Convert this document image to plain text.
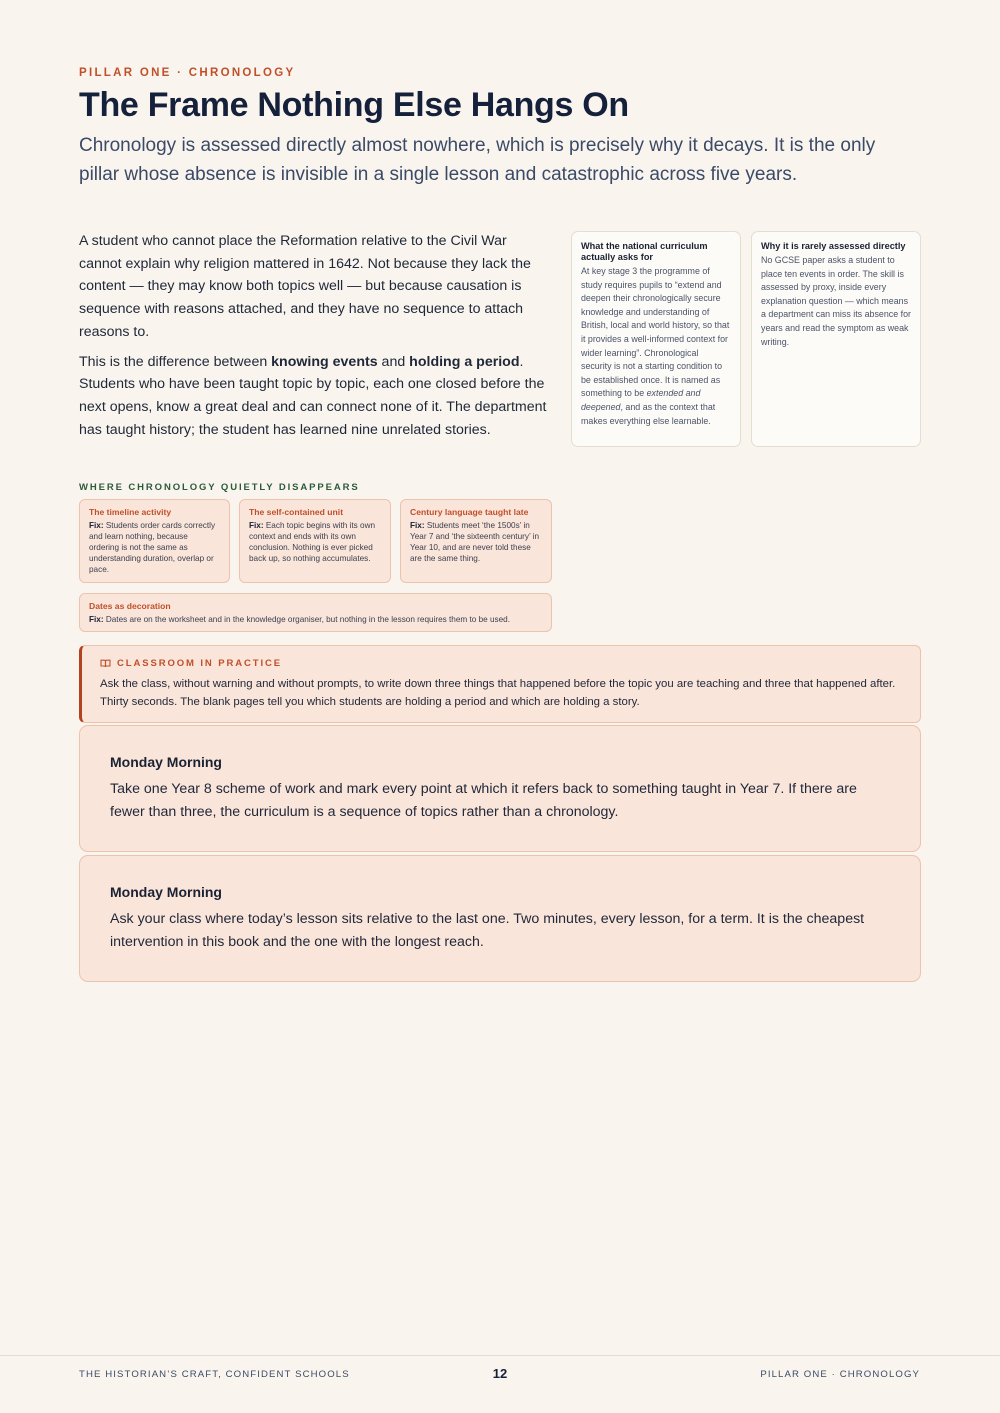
PILLAR ONE · CHRONOLOGY
The Frame Nothing Else Hangs On

Chronology is assessed directly almost nowhere, which is precisely why it decays. It is the only pillar whose absence is invisible in a single lesson and catastrophic across five years.

A student who cannot place the Reformation relative to the Civil War cannot explain why religion mattered in 1642. Not because they lack the content — they may know both topics well — but because causation is sequence with reasons attached, and they have no sequence to attach reasons to.

This is the difference between knowing events and holding a period. Students who have been taught topic by topic, each one closed before the next opens, know a great deal and can connect none of it. The department has taught history; the student has learned nine unrelated stories.

What the national curriculum actually asks for
At key stage 3 the programme of study requires pupils to “extend and deepen their chronologically secure knowledge and understanding of British, local and world history, so that it provides a well-informed context for wider learning”. Chronological security is not a starting condition to be established once. It is named as something to be extended and deepened, and as the context that makes everything else learnable.
Why it is rarely assessed directly
No GCSE paper asks a student to place ten events in order. The skill is assessed by proxy, inside every explanation question — which means a department can miss its absence for years and read the symptom as weak writing.
WHERE CHRONOLOGY QUIETLY DISAPPEARS
The timeline activity
Fix: Students order cards correctly and learn nothing, because ordering is not the same as understanding duration, overlap or pace.
The self-contained unit
Fix: Each topic begins with its own context and ends with its own conclusion. Nothing is ever picked back up, so nothing accumulates.
Century language taught late
Fix: Students meet ‘the 1500s’ in Year 7 and ‘the sixteenth century’ in Year 10, and are never told these are the same thing.
Dates as decoration
Fix: Dates are on the worksheet and in the knowledge organiser, but nothing in the lesson requires them to be used.
CLASSROOM IN PRACTICE
Ask the class, without warning and without prompts, to write down three things that happened before the topic you are teaching and three that happened after. Thirty seconds. The blank pages tell you which students are holding a period and which are holding a story.
Monday Morning
Take one Year 8 scheme of work and mark every point at which it refers back to something taught in Year 7. If there are fewer than three, the curriculum is a sequence of topics rather than a chronology.
Monday Morning
Ask your class where today’s lesson sits relative to the last one. Two minutes, every lesson, for a term. It is the cheapest intervention in this book and the one with the longest reach.
THE HISTORIAN’S CRAFT, CONFIDENT SCHOOLS	12	PILLAR ONE · CHRONOLOGY
